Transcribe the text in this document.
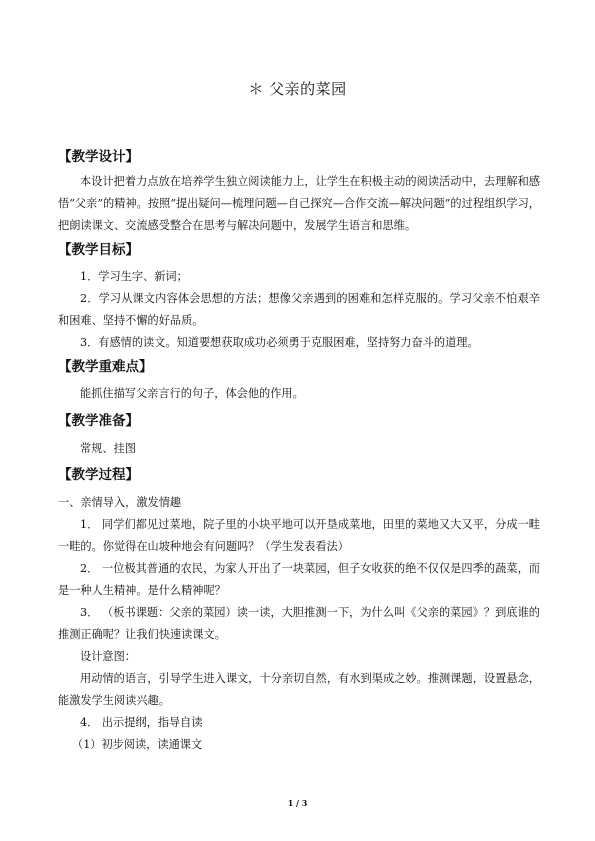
＊ 父亲的菜园
【教学设计】
本设计把着力点放在培养学生独立阅读能力上，让学生在积极主动的阅读活动中，去理解和感悟“父亲”的精神。按照“提出疑问—梳理问题—自己探究—合作交流—解决问题”的过程组织学习，把朗读课文、交流感受整合在思考与解决问题中，发展学生语言和思维。
【教学目标】
1．学习生字、新词；
2．学习从课文内容体会思想的方法；想像父亲遇到的困难和怎样克服的。学习父亲不怕艰辛和困难、坚持不懈的好品质。
3．有感情的读文。知道要想获取成功必须勇于克服困难，坚持努力奋斗的道理。
【教学重难点】
能抓住描写父亲言行的句子，体会他的作用。
【教学准备】
常规、挂图
【教学过程】
一、亲情导入，激发情趣
1． 同学们都见过菜地，院子里的小块平地可以开垦成菜地，田里的菜地又大又平，分成一畦一畦的。你觉得在山坡种地会有问题吗？（学生发表看法）
2． 一位极其普通的农民，为家人开出了一块菜园，但子女收获的绝不仅仅是四季的蔬菜，而是一种人生精神。是什么精神呢？
3． （板书课题：父亲的菜园）读一读，大胆推测一下，为什么叫《父亲的菜园》？到底谁的推测正确呢？让我们快速读课文。
设计意图：
用动情的语言，引导学生进入课文，十分亲切自然，有水到渠成之妙。推测课题，设置悬念，能激发学生阅读兴趣。
4． 出示提纲，指导自读
（1）初步阅读，读通课文
1 / 3
